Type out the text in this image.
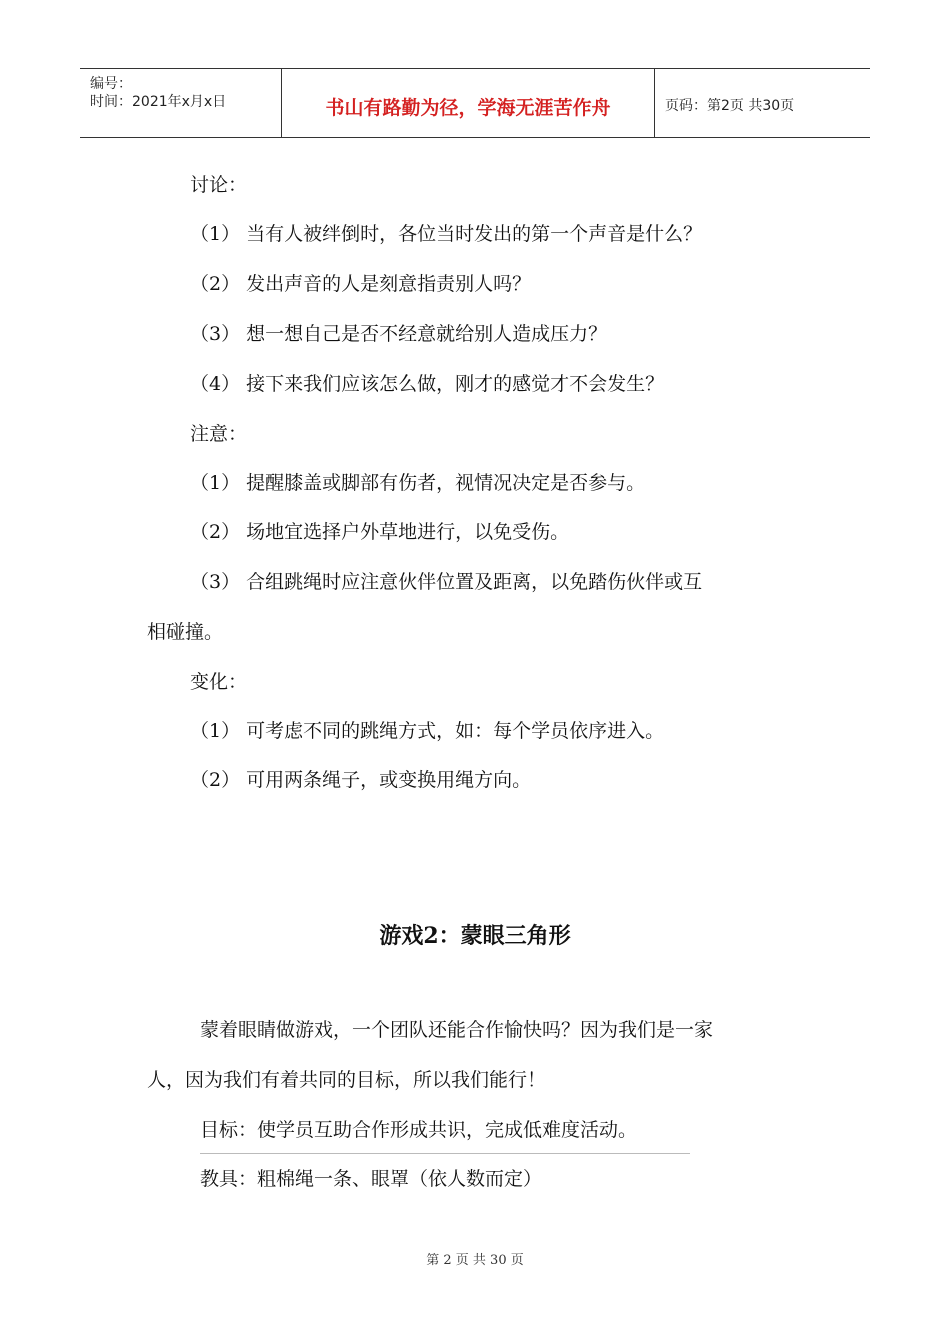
编号：
时间：2021年x月x日	书山有路勤为径，学海无涯苦作舟	页码：第2页 共30页
讨论：
（1） 当有人被绊倒时，各位当时发出的第一个声音是什么？
（2） 发出声音的人是刻意指责别人吗？
（3） 想一想自己是否不经意就给别人造成压力？
（4） 接下来我们应该怎么做，刚才的感觉才不会发生？
注意：
（1） 提醒膝盖或脚部有伤者，视情况决定是否参与。
（2） 场地宜选择户外草地进行，以免受伤。
（3） 合组跳绳时应注意伙伴位置及距离，以免踏伤伙伴或互
相碰撞。
变化：
（1） 可考虑不同的跳绳方式，如：每个学员依序进入。
（2） 可用两条绳子，或变换用绳方向。
游戏2：蒙眼三角形
蒙着眼睛做游戏，一个团队还能合作愉快吗？因为我们是一家
人，因为我们有着共同的目标，所以我们能行！
目标：使学员互助合作形成共识，完成低难度活动。
教具：粗棉绳一条、眼罩（依人数而定）
第 2 页 共 30 页
